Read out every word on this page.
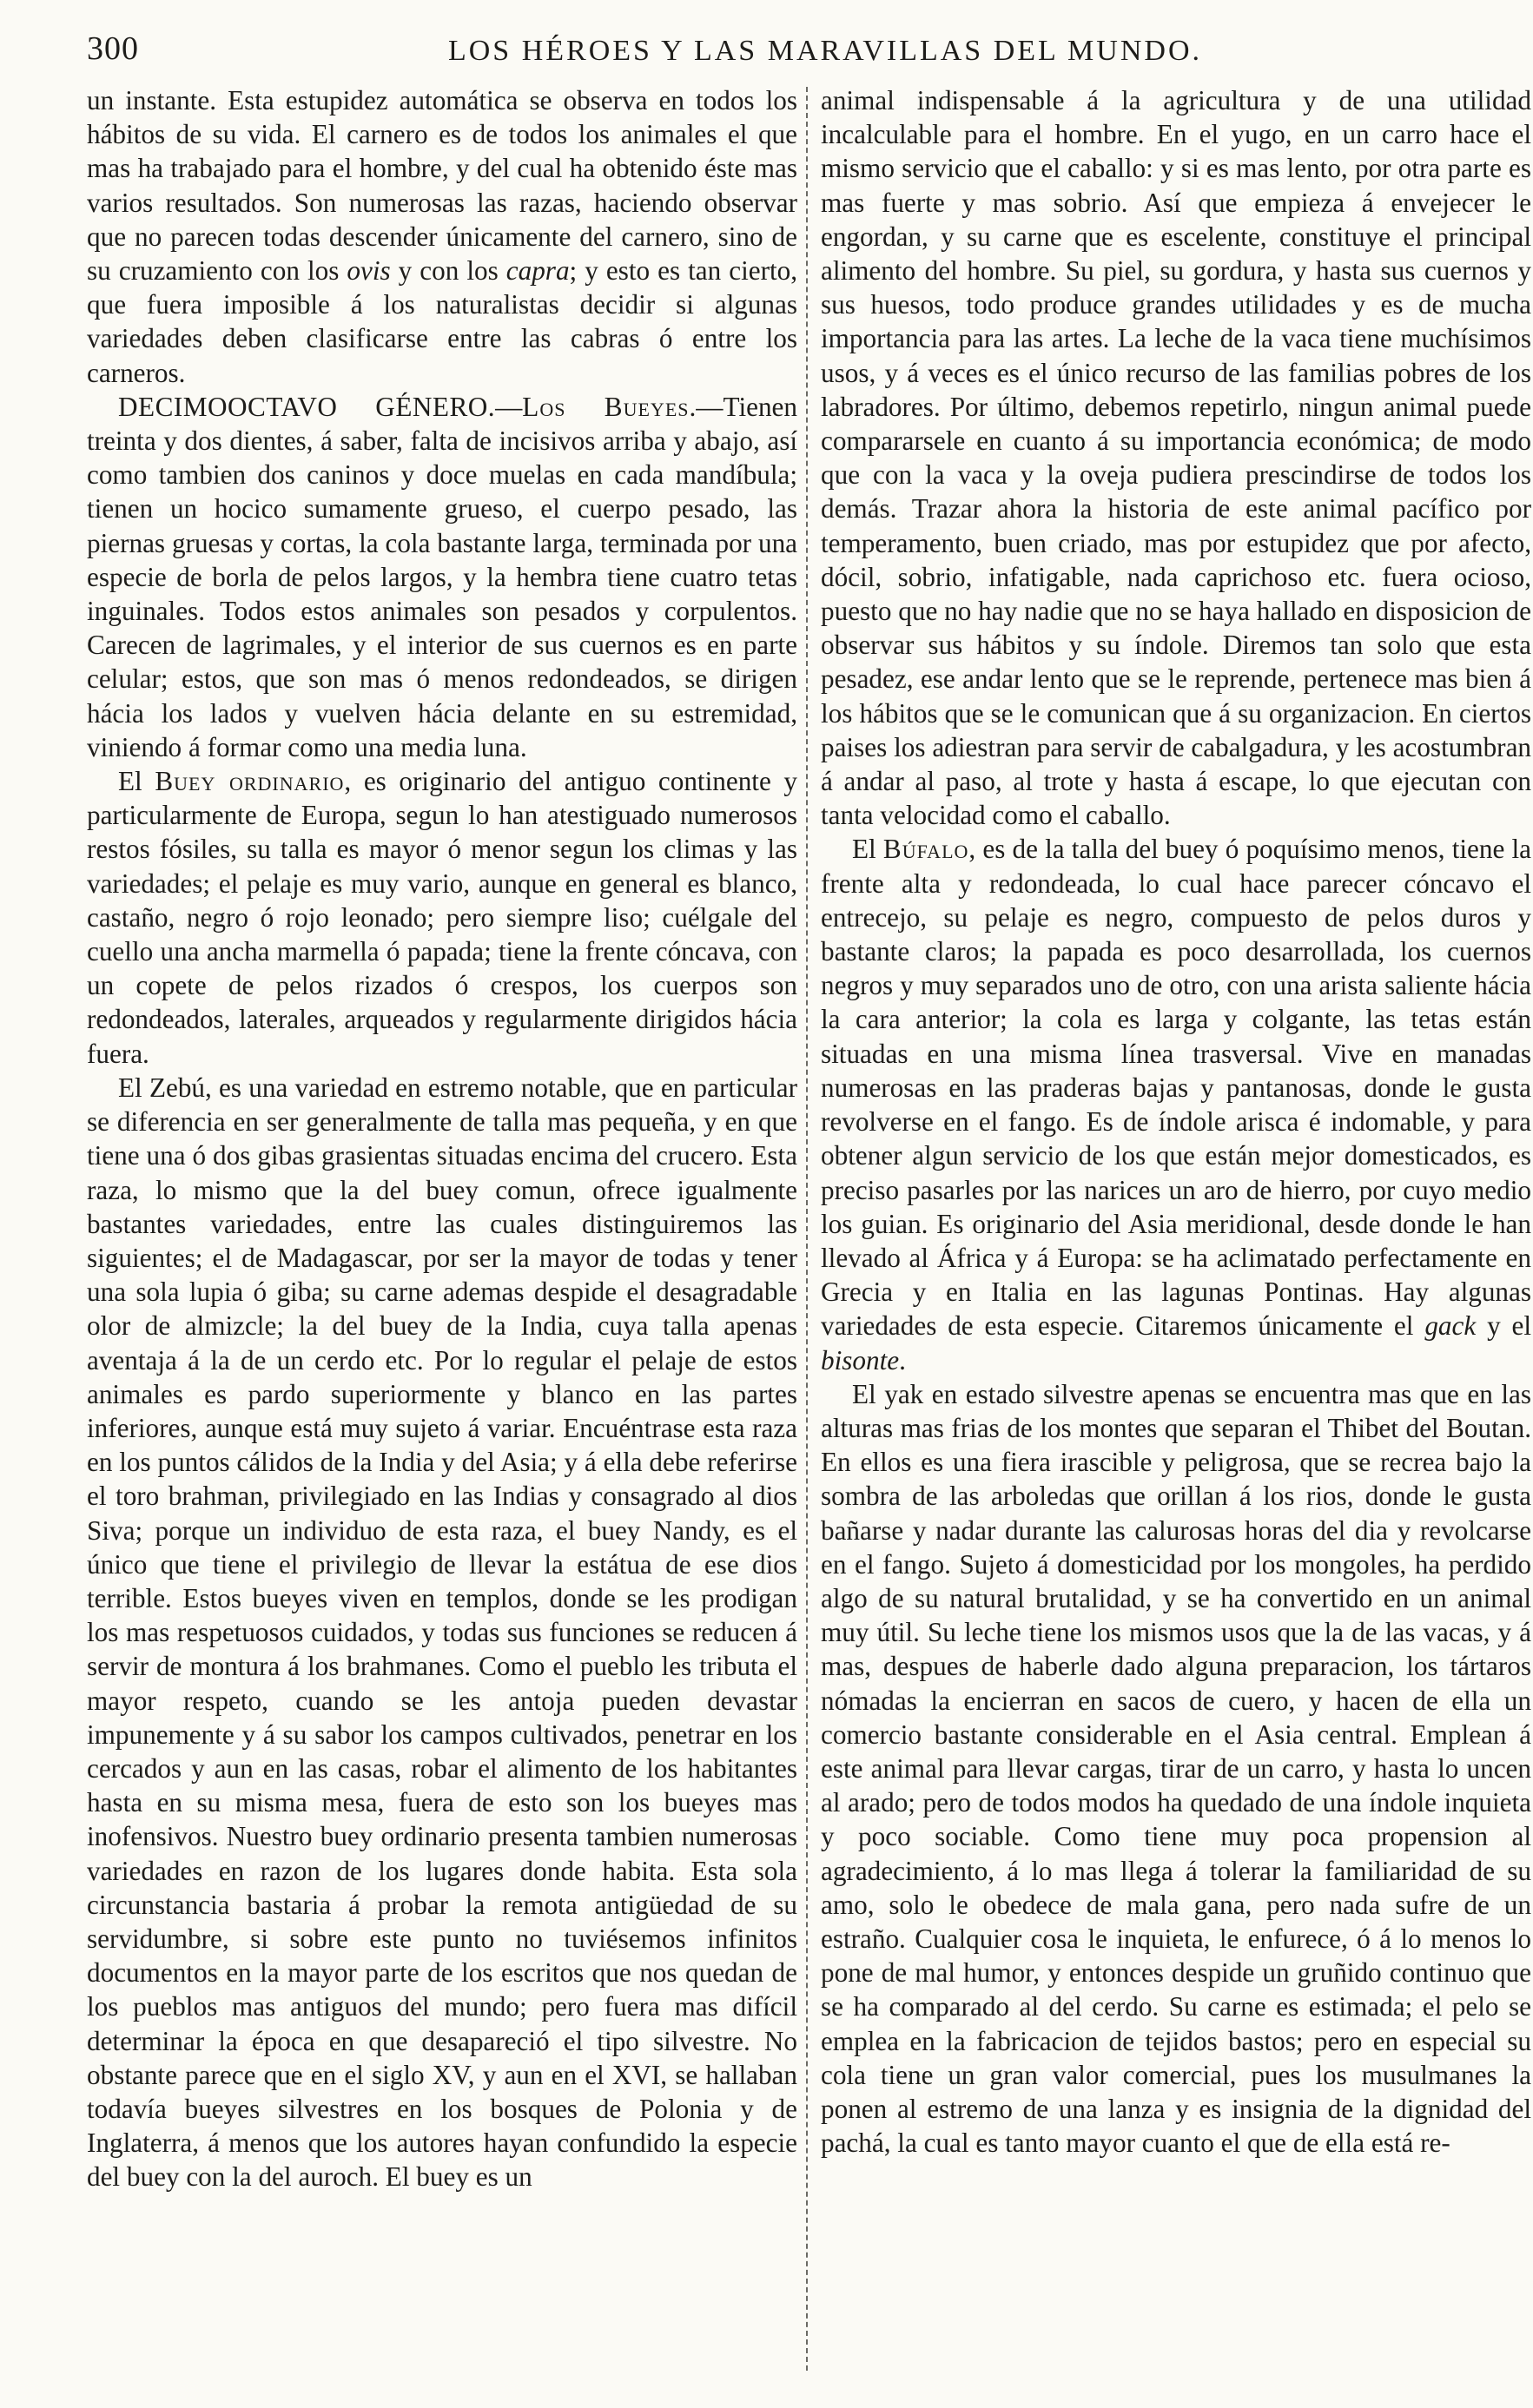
300	LOS HÉROES Y LAS MARAVILLAS DEL MUNDO.

un instante. Esta estupidez automática se observa en todos los hábitos de su vida. El carnero es de todos los animales el que mas ha trabajado para el hombre, y del cual ha obtenido éste mas varios resultados. Son numerosas las razas, haciendo observar que no parecen todas descender únicamente del carnero, sino de su cruzamiento con los ovis y con los capra; y esto es tan cierto, que fuera imposible á los naturalistas decidir si algunas variedades deben clasificarse entre las cabras ó entre los carneros.

DECIMOOCTAVO GÉNERO.—Los Bueyes.—Tienen treinta y dos dientes, á saber, falta de incisivos arriba y abajo, así como tambien dos caninos y doce muelas en cada mandíbula; tienen un hocico sumamente grueso, el cuerpo pesado, las piernas gruesas y cortas, la cola bastante larga, terminada por una especie de borla de pelos largos, y la hembra tiene cuatro tetas inguinales. Todos estos animales son pesados y corpulentos. Carecen de lagrimales, y el interior de sus cuernos es en parte celular; estos, que son mas ó menos redondeados, se dirigen hácia los lados y vuelven hácia delante en su estremidad, viniendo á formar como una media luna.

El Buey ordinario, es originario del antiguo continente y particularmente de Europa, segun lo han atestiguado numerosos restos fósiles, su talla es mayor ó menor segun los climas y las variedades; el pelaje es muy vario, aunque en general es blanco, castaño, negro ó rojo leonado; pero siempre liso; cuélgale del cuello una ancha marmella ó papada; tiene la frente cóncava, con un copete de pelos rizados ó crespos, los cuerpos son redondeados, laterales, arqueados y regularmente dirigidos hácia fuera.

El Zebú, es una variedad en estremo notable, que en particular se diferencia en ser generalmente de talla mas pequeña, y en que tiene una ó dos gibas grasientas situadas encima del crucero. Esta raza, lo mismo que la del buey comun, ofrece igualmente bastantes variedades, entre las cuales distinguiremos las siguientes; el de Madagascar, por ser la mayor de todas y tener una sola lupia ó giba; su carne ademas despide el desagradable olor de almizcle; la del buey de la India, cuya talla apenas aventaja á la de un cerdo etc. Por lo regular el pelaje de estos animales es pardo superiormente y blanco en las partes inferiores, aunque está muy sujeto á variar. Encuéntrase esta raza en los puntos cálidos de la India y del Asia; y á ella debe referirse el toro brahman, privilegiado en las Indias y consagrado al dios Siva; porque un individuo de esta raza, el buey Nandy, es el único que tiene el privilegio de llevar la estátua de ese dios terrible. Estos bueyes viven en templos, donde se les prodigan los mas respetuosos cuidados, y todas sus funciones se reducen á servir de montura á los brahmanes. Como el pueblo les tributa el mayor respeto, cuando se les antoja pueden devastar impunemente y á su sabor los campos cultivados, penetrar en los cercados y aun en las casas, robar el alimento de los habitantes hasta en su misma mesa, fuera de esto son los bueyes mas inofensivos. Nuestro buey ordinario presenta tambien numerosas variedades en razon de los lugares donde habita. Esta sola circunstancia bastaria á probar la remota antigüedad de su servidumbre, si sobre este punto no tuviésemos infinitos documentos en la mayor parte de los escritos que nos quedan de los pueblos mas antiguos del mundo; pero fuera mas difícil determinar la época en que desapareció el tipo silvestre. No obstante parece que en el siglo XV, y aun en el XVI, se hallaban todavía bueyes silvestres en los bosques de Polonia y de Inglaterra, á menos que los autores hayan confundido la especie del buey con la del auroch. El buey es un

animal indispensable á la agricultura y de una utilidad incalculable para el hombre. En el yugo, en un carro hace el mismo servicio que el caballo: y si es mas lento, por otra parte es mas fuerte y mas sobrio. Así que empieza á envejecer le engordan, y su carne que es escelente, constituye el principal alimento del hombre. Su piel, su gordura, y hasta sus cuernos y sus huesos, todo produce grandes utilidades y es de mucha importancia para las artes. La leche de la vaca tiene muchísimos usos, y á veces es el único recurso de las familias pobres de los labradores. Por último, debemos repetirlo, ningun animal puede compararsele en cuanto á su importancia económica; de modo que con la vaca y la oveja pudiera prescindirse de todos los demás. Trazar ahora la historia de este animal pacífico por temperamento, buen criado, mas por estupidez que por afecto, dócil, sobrio, infatigable, nada caprichoso etc. fuera ocioso, puesto que no hay nadie que no se haya hallado en disposicion de observar sus hábitos y su índole. Diremos tan solo que esta pesadez, ese andar lento que se le reprende, pertenece mas bien á los hábitos que se le comunican que á su organizacion. En ciertos paises los adiestran para servir de cabalgadura, y les acostumbran á andar al paso, al trote y hasta á escape, lo que ejecutan con tanta velocidad como el caballo.

El Búfalo, es de la talla del buey ó poquísimo menos, tiene la frente alta y redondeada, lo cual hace parecer cóncavo el entrecejo, su pelaje es negro, compuesto de pelos duros y bastante claros; la papada es poco desarrollada, los cuernos negros y muy separados uno de otro, con una arista saliente hácia la cara anterior; la cola es larga y colgante, las tetas están situadas en una misma línea trasversal. Vive en manadas numerosas en las praderas bajas y pantanosas, donde le gusta revolverse en el fango. Es de índole arisca é indomable, y para obtener algun servicio de los que están mejor domesticados, es preciso pasarles por las narices un aro de hierro, por cuyo medio los guian. Es originario del Asia meridional, desde donde le han llevado al África y á Europa: se ha aclimatado perfectamente en Grecia y en Italia en las lagunas Pontinas. Hay algunas variedades de esta especie. Citaremos únicamente el gack y el bisonte.

El yak en estado silvestre apenas se encuentra mas que en las alturas mas frias de los montes que separan el Thibet del Boutan. En ellos es una fiera irascible y peligrosa, que se recrea bajo la sombra de las arboledas que orillan á los rios, donde le gusta bañarse y nadar durante las calurosas horas del dia y revolcarse en el fango. Sujeto á domesticidad por los mongoles, ha perdido algo de su natural brutalidad, y se ha convertido en un animal muy útil. Su leche tiene los mismos usos que la de las vacas, y á mas, despues de haberle dado alguna preparacion, los tártaros nómadas la encierran en sacos de cuero, y hacen de ella un comercio bastante considerable en el Asia central. Emplean á este animal para llevar cargas, tirar de un carro, y hasta lo uncen al arado; pero de todos modos ha quedado de una índole inquieta y poco sociable. Como tiene muy poca propension al agradecimiento, á lo mas llega á tolerar la familiaridad de su amo, solo le obedece de mala gana, pero nada sufre de un estraño. Cualquier cosa le inquieta, le enfurece, ó á lo menos lo pone de mal humor, y entonces despide un gruñido continuo que se ha comparado al del cerdo. Su carne es estimada; el pelo se emplea en la fabricacion de tejidos bastos; pero en especial su cola tiene un gran valor comercial, pues los musulmanes la ponen al estremo de una lanza y es insignia de la dignidad del pachá, la cual es tanto mayor cuanto el que de ella está re-
